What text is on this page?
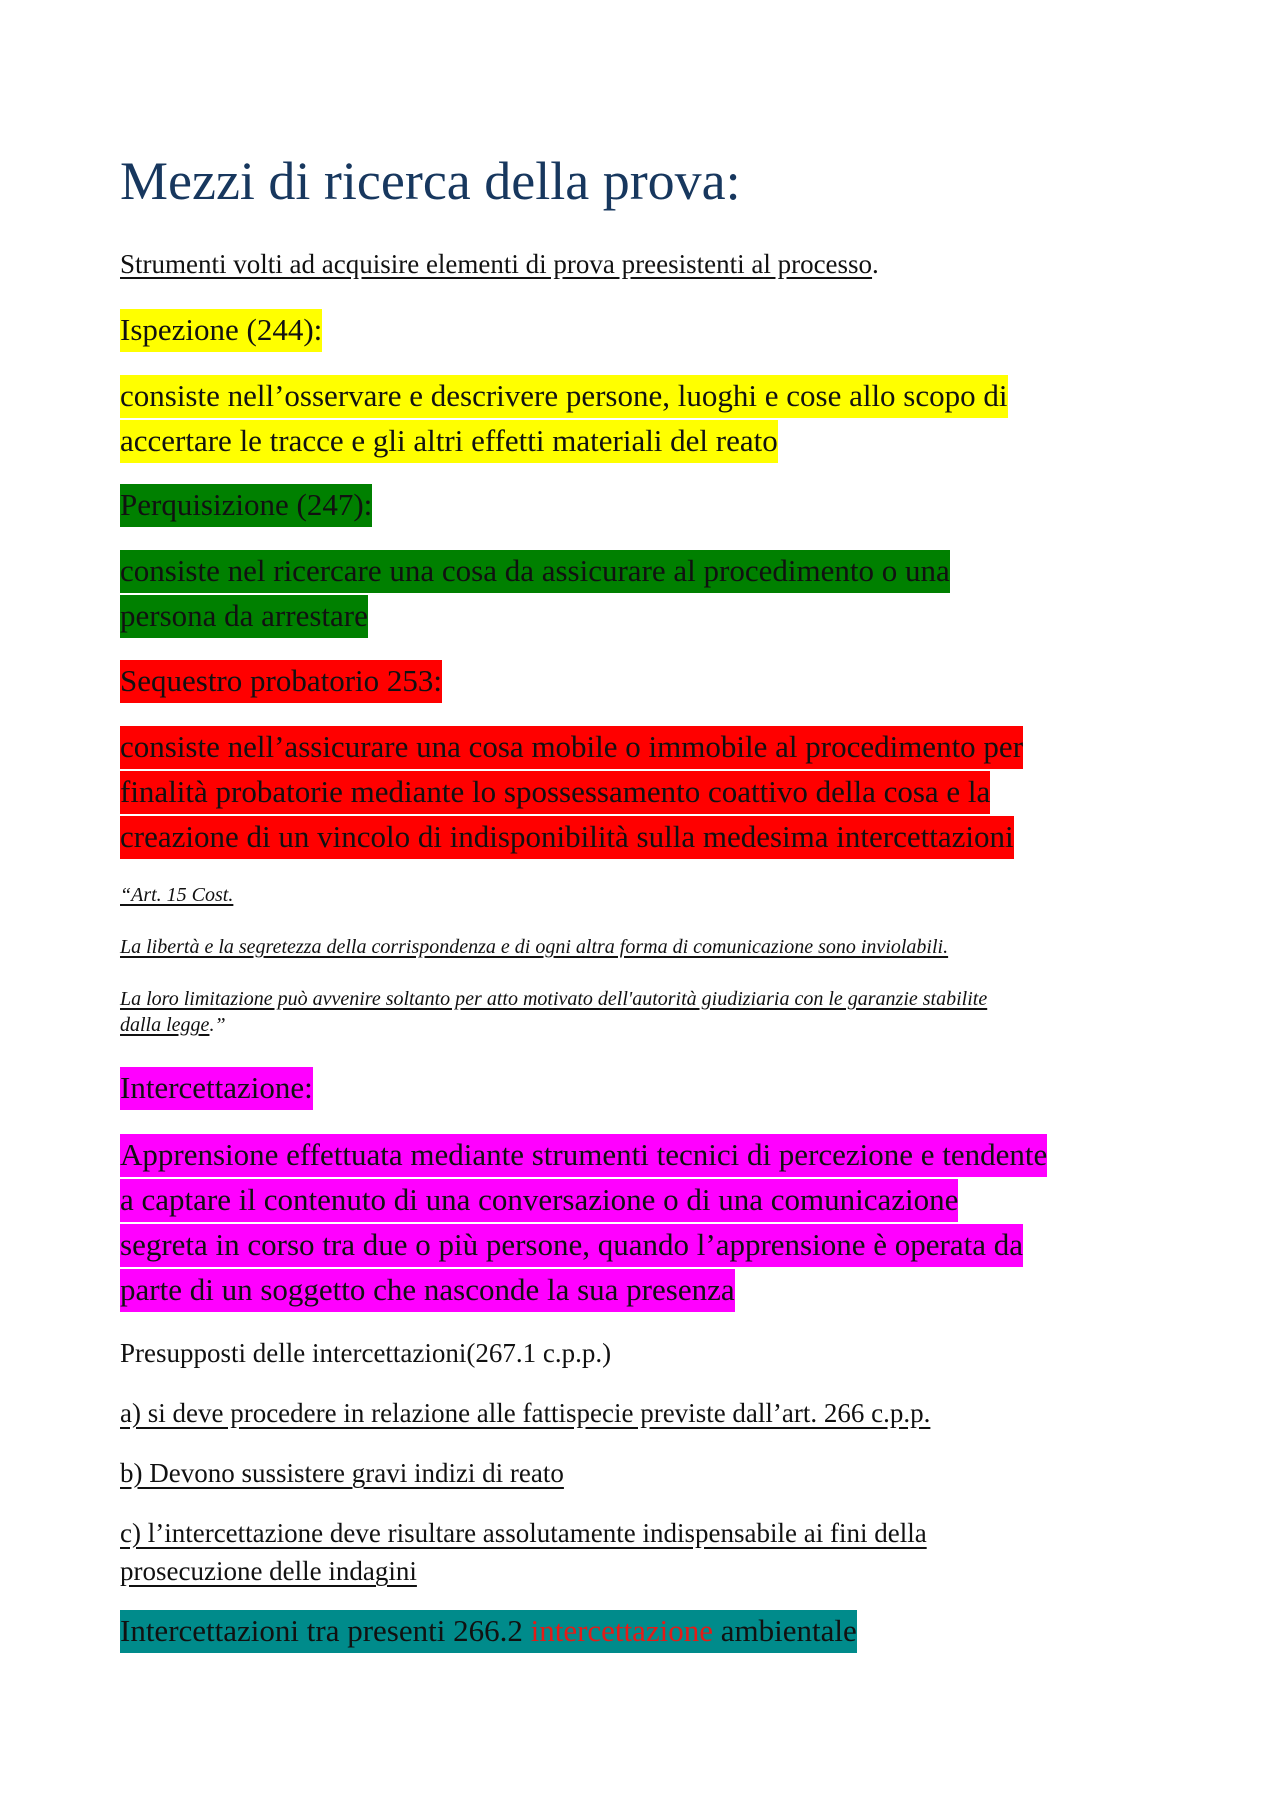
Mezzi di ricerca della prova:

Strumenti volti ad acquisire elementi di prova preesistenti al processo.

Ispezione (244):

consiste nell’osservare e descrivere persone, luoghi e cose allo scopo di
accertare le tracce e gli altri effetti materiali del reato

Perquisizione (247):

consiste nel ricercare una cosa da assicurare al procedimento o una
persona da arrestare

Sequestro probatorio 253:

consiste nell’assicurare una cosa mobile o immobile al procedimento per
finalità probatorie mediante lo spossessamento coattivo della cosa e la
creazione di un vincolo di indisponibilità sulla medesima intercettazioni

“Art. 15 Cost.

La libertà e la segretezza della corrispondenza e di ogni altra forma di comunicazione sono inviolabili.

La loro limitazione può avvenire soltanto per atto motivato dell'autorità giudiziaria con le garanzie stabilite
dalla legge.”

Intercettazione:

Apprensione effettuata mediante strumenti tecnici di percezione e tendente
a captare il contenuto di una conversazione o di una comunicazione
segreta in corso tra due o più persone, quando l’apprensione è operata da
parte di un soggetto che nasconde la sua presenza

Presupposti delle intercettazioni(267.1 c.p.p.)

a) si deve procedere in relazione alle fattispecie previste dall’art. 266 c.p.p.

b) Devono sussistere gravi indizi di reato

c) l’intercettazione deve risultare assolutamente indispensabile ai fini della
prosecuzione delle indagini

Intercettazioni tra presenti 266.2 intercettazione ambientale
